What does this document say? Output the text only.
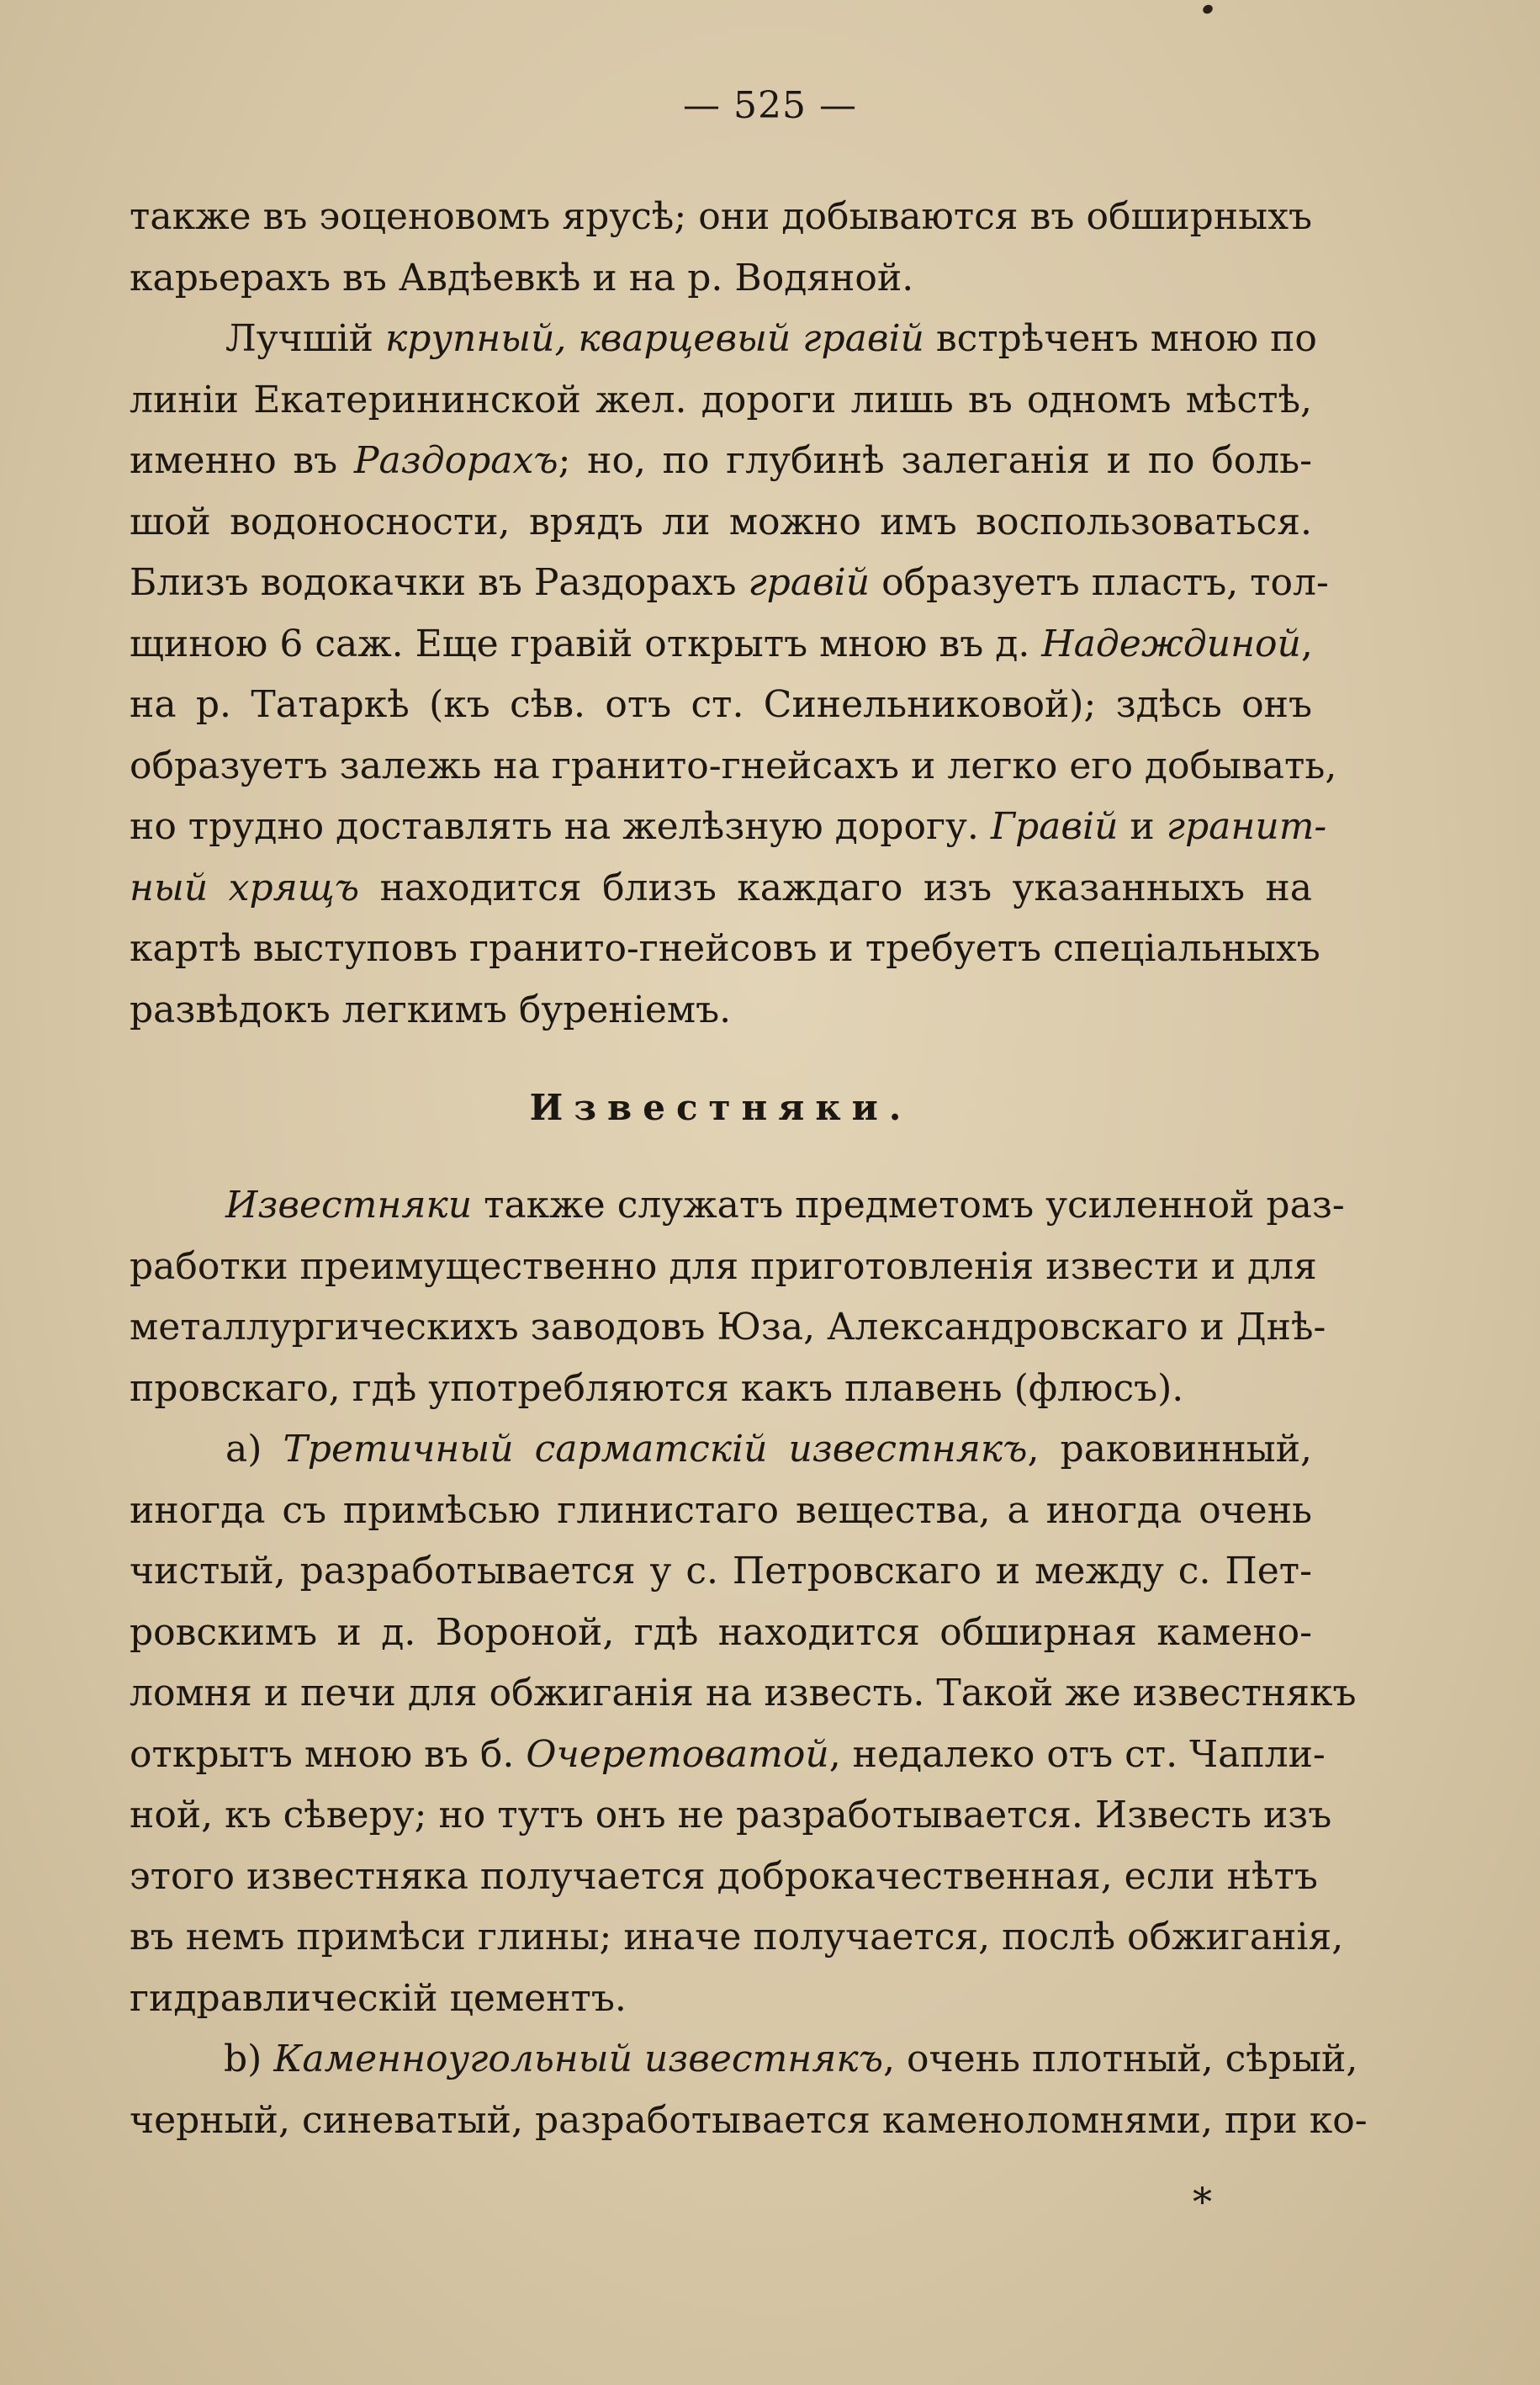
— 525 —
также въ эоценовомъ ярусѣ; они добываются въ обширныхъ
карьерахъ въ Авдѣевкѣ и на р. Водяной.
Лучшій крупный, кварцевый гравій встрѣченъ мною по
линіи Екатерининской жел. дороги лишь въ одномъ мѣстѣ,
именно въ Раздорахъ; но, по глубинѣ залеганія и по боль-
шой водоносности, врядъ ли можно имъ воспользоваться.
Близъ водокачки въ Раздорахъ гравій образуетъ пластъ, тол-
щиною 6 саж. Еще гравій открытъ мною въ д. Надеждиной,
на р. Татаркѣ (къ сѣв. отъ ст. Синельниковой); здѣсь онъ
образуетъ залежь на гранито-гнейсахъ и легко его добывать,
но трудно доставлять на желѣзную дорогу. Гравій и гранит-
ный хрящъ находится близъ каждаго изъ указанныхъ на
картѣ выступовъ гранито-гнейсовъ и требуетъ спеціальныхъ
развѣдокъ легкимъ буреніемъ.
Известняки.
Известняки также служатъ предметомъ усиленной раз-
работки преимущественно для приготовленія извести и для
металлургическихъ заводовъ Юза, Александровскаго и Днѣ-
провскаго, гдѣ употребляются какъ плавень (флюсъ).
a) Третичный сарматскій известнякъ, раковинный,
иногда съ примѣсью глинистаго вещества, а иногда очень
чистый, разработывается у с. Петровскаго и между с. Пет-
ровскимъ и д. Вороной, гдѣ находится обширная камено-
ломня и печи для обжиганія на известь. Такой же известнякъ
открытъ мною въ б. Очеретоватой, недалеко отъ ст. Чапли-
ной, къ сѣверу; но тутъ онъ не разработывается. Известь изъ
этого известняка получается доброкачественная, если нѣтъ
въ немъ примѣси глины; иначе получается, послѣ обжиганія,
гидравлическій цементъ.
b) Каменноугольный известнякъ, очень плотный, сѣрый,
черный, синеватый, разработывается каменоломнями, при ко-
*
